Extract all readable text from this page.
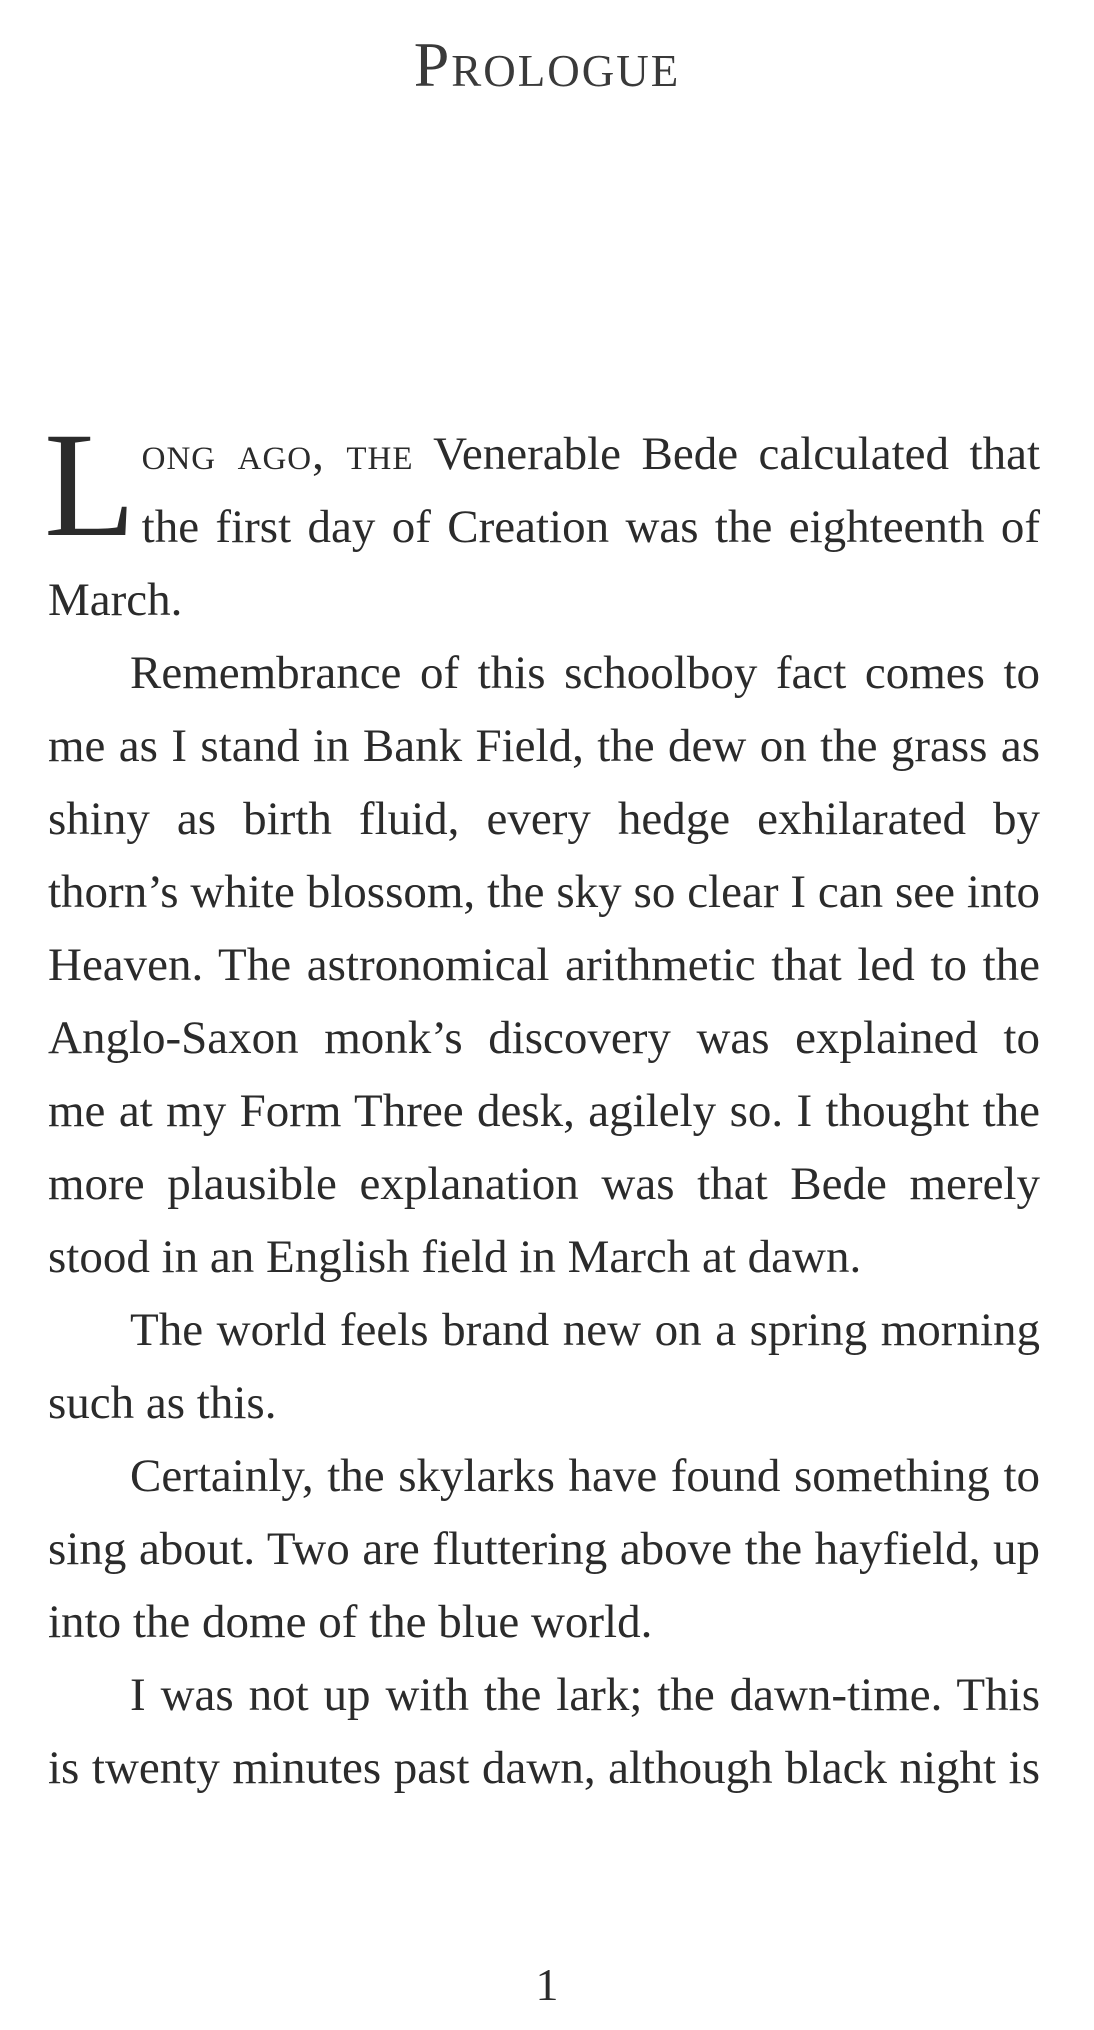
Prologue

Long ago, the Venerable Bede calculated that the first day of Creation was the eighteenth of March.

Remembrance of this schoolboy fact comes to me as I stand in Bank Field, the dew on the grass as shiny as birth fluid, every hedge exhilarated by thorn’s white blossom, the sky so clear I can see into Heaven. The astronomical arithmetic that led to the Anglo-Saxon monk’s discovery was explained to me at my Form Three desk, agilely so. I thought the more plausible explanation was that Bede merely stood in an English field in March at dawn.

The world feels brand new on a spring morning such as this.

Certainly, the skylarks have found something to sing about. Two are fluttering above the hayfield, up into the dome of the blue world.

I was not up with the lark; the dawn-time. This is twenty minutes past dawn, although black night is

1
